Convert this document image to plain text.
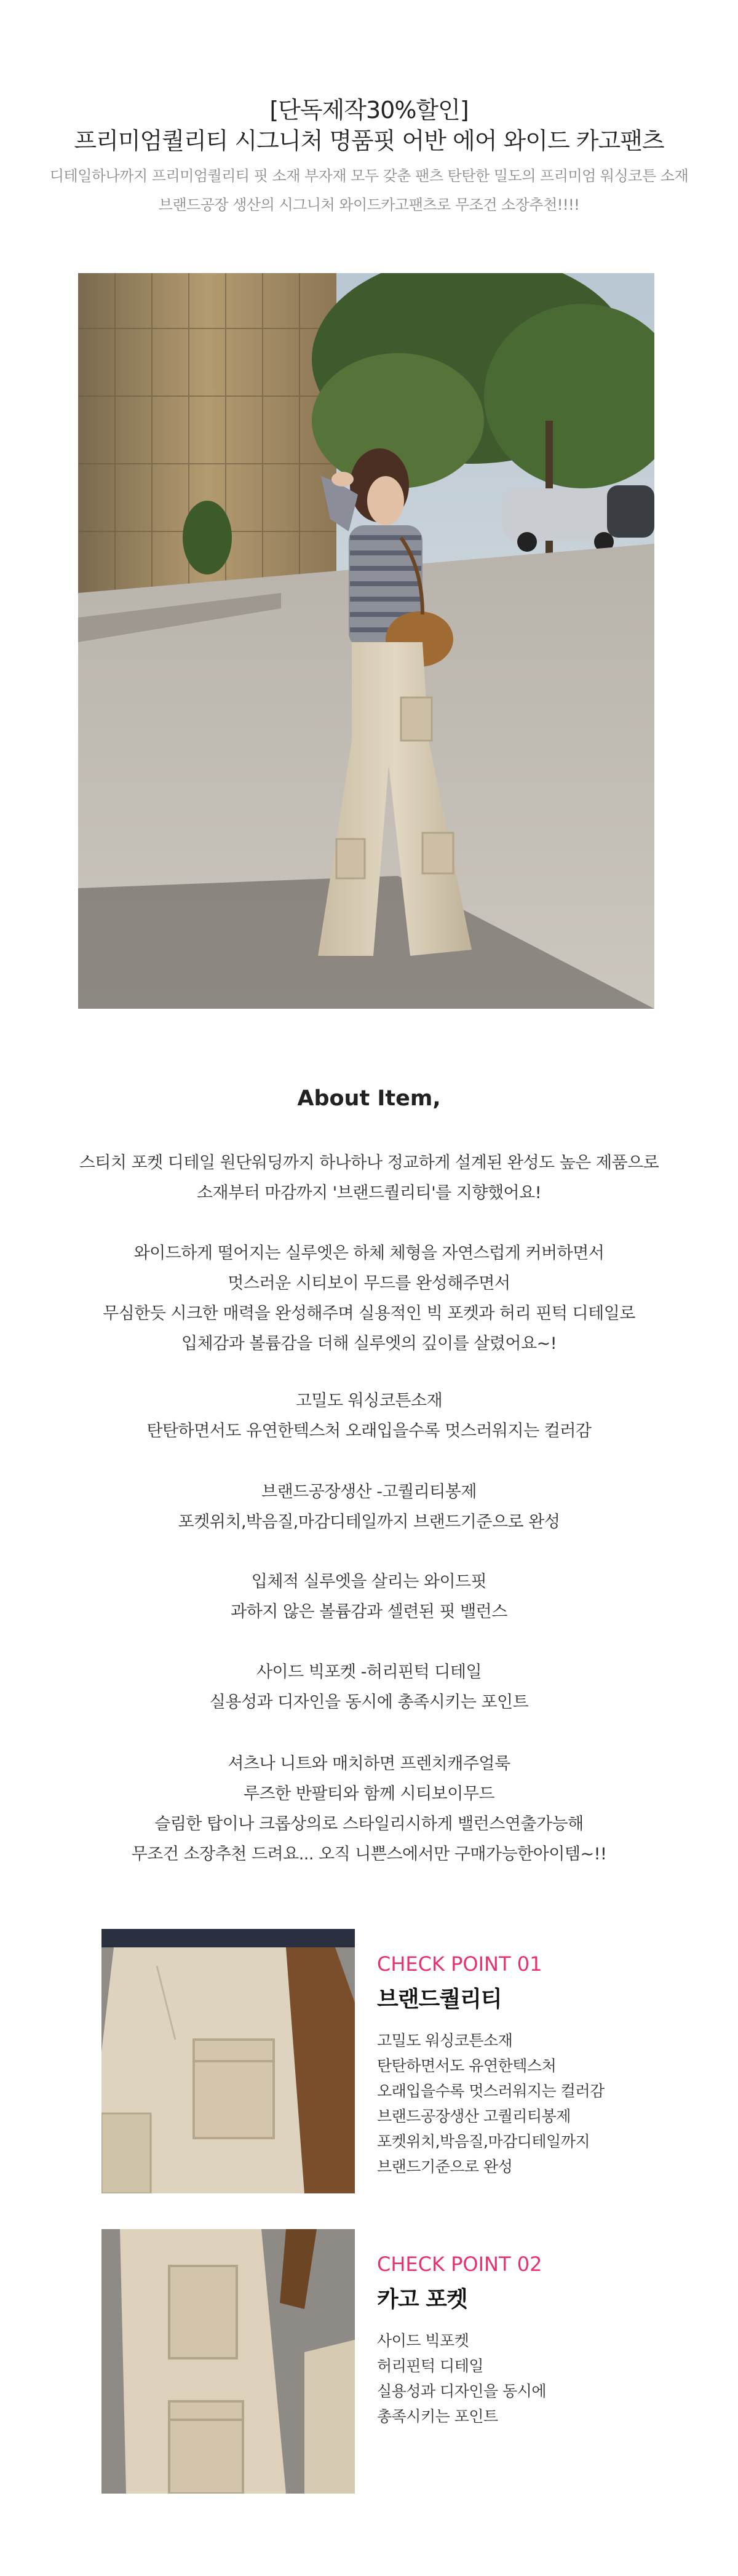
[단독제작30%할인]
프리미엄퀄리티 시그니처 명품핏 어반 에어 와이드 카고팬츠
디테일하나까지 프리미엄퀄리티 핏 소재 부자재 모두 갖춘 팬츠 탄탄한 밀도의 프리미엄 워싱코튼 소재
브랜드공장 생산의 시그니처 와이드카고팬츠로 무조건 소장추천!!!!
About Item,
스티치 포켓 디테일 원단워딩까지 하나하나 정교하게 설계된 완성도 높은 제품으로
소재부터 마감까지 '브랜드퀄리티'를 지향했어요!
와이드하게 떨어지는 실루엣은 하체 체형을 자연스럽게 커버하면서
멋스러운 시티보이 무드를 완성해주면서
무심한듯 시크한 매력을 완성해주며 실용적인 빅 포켓과 허리 핀턱 디테일로
입체감과 볼륨감을 더해 실루엣의 깊이를 살렸어요~!
고밀도 워싱코튼소재
탄탄하면서도 유연한텍스처 오래입을수록 멋스러워지는 컬러감
브랜드공장생산 -고퀄리티봉제
포켓위치,박음질,마감디테일까지 브랜드기준으로 완성
입체적 실루엣을 살리는 와이드핏
과하지 않은 볼륨감과 셀련된 핏 밸런스
사이드 빅포켓 -허리핀턱 디테일
실용성과 디자인을 동시에 총족시키는 포인트
셔츠나 니트와 매치하면 프렌치캐주얼룩
루즈한 반팔티와 함께 시티보이무드
슬림한 탑이나 크롭상의로 스타일리시하게 밸런스연출가능해
무조건 소장추천 드려요... 오직 니쁜스에서만 구매가능한아이템~!!
CHECK POINT 01
브랜드퀄리티
고밀도 워싱코튼소재
탄탄하면서도 유연한텍스처
오래입을수록 멋스러워지는 컬러감
브랜드공장생산 고퀄리티봉제
포켓위치,박음질,마감디테일까지
브랜드기준으로 완성
CHECK POINT 02
카고 포켓
사이드 빅포켓
허리핀턱 디테일
실용성과 디자인을 동시에
총족시키는 포인트
